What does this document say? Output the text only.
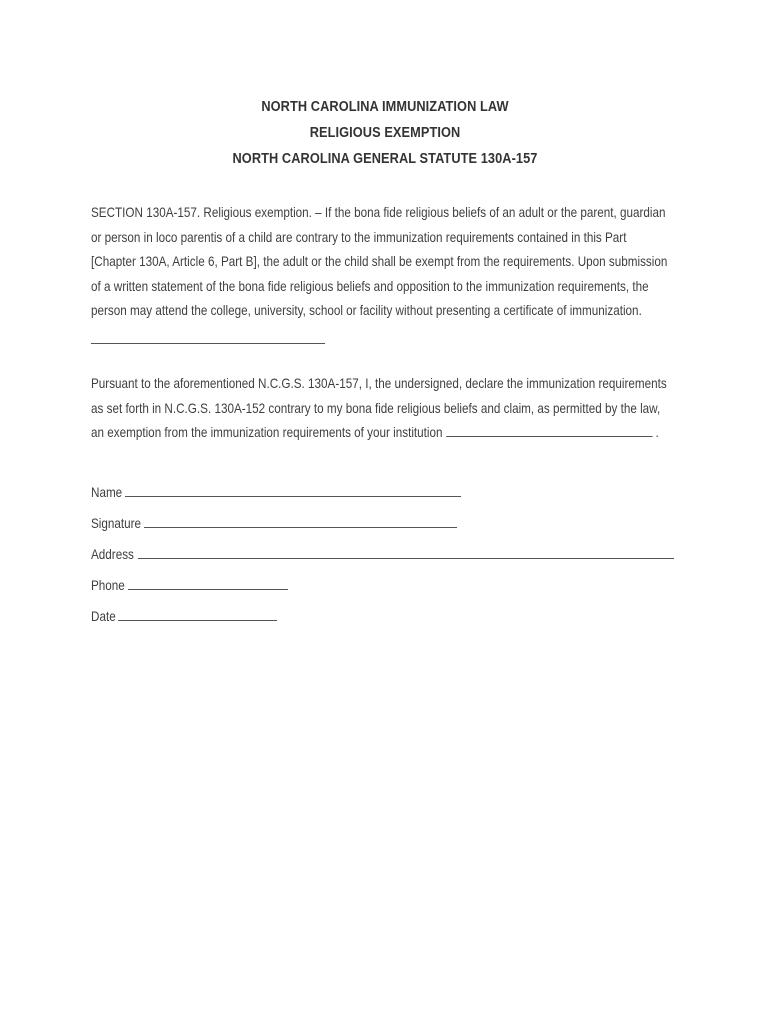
NORTH CAROLINA IMMUNIZATION LAW
RELIGIOUS EXEMPTION
NORTH CAROLINA GENERAL STATUTE 130A-157
SECTION 130A-157. Religious exemption. – If the bona fide religious beliefs of an adult or the parent, guardian
or person in loco parentis of a child are contrary to the immunization requirements contained in this Part
[Chapter 130A, Article 6, Part B], the adult or the child shall be exempt from the requirements. Upon submission
of a written statement of the bona fide religious beliefs and opposition to the immunization requirements, the
person may attend the college, university, school or facility without presenting a certificate of immunization.
Pursuant to the aforementioned N.C.G.S. 130A-157, I, the undersigned, declare the immunization requirements
as set forth in N.C.G.S. 130A-152 contrary to my bona fide religious beliefs and claim, as permitted by the law,
an exemption from the immunization requirements of your institution	.
Name
Signature
Address
Phone
Date
